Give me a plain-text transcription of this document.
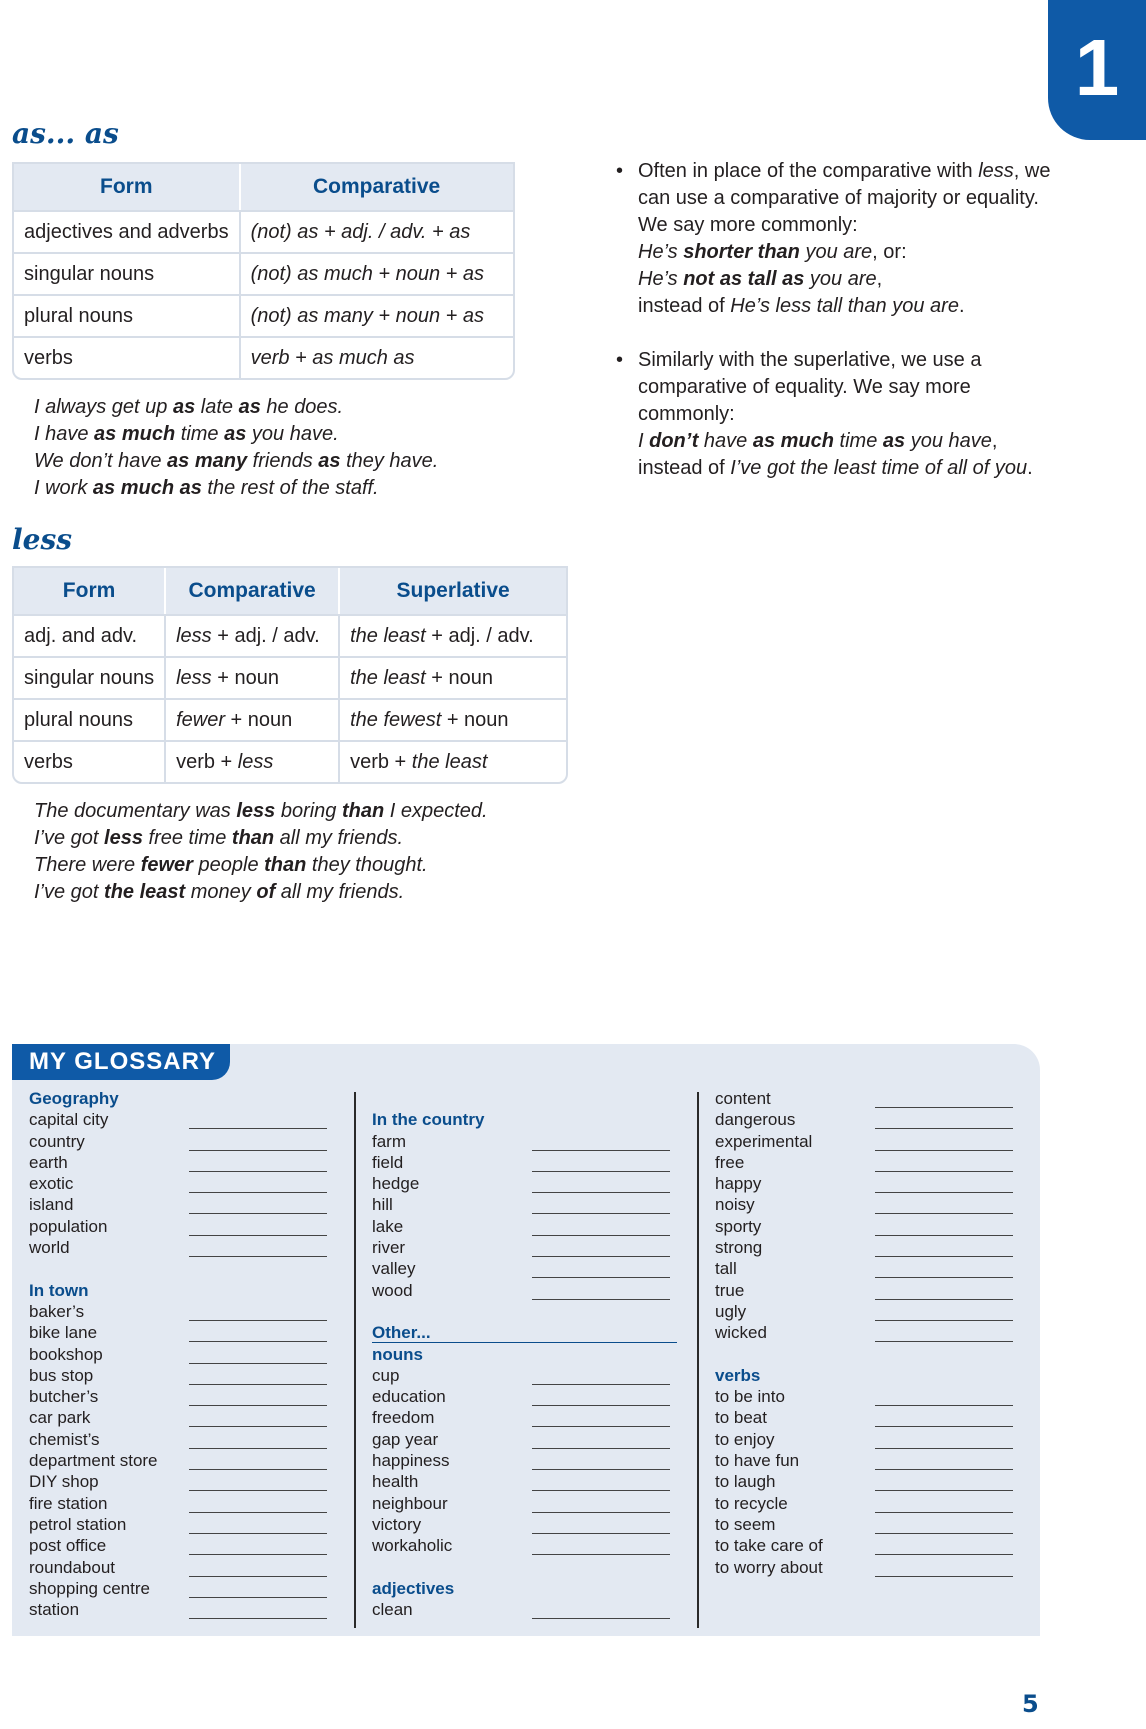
1
as... as
Form	Comparative
adjectives and adverbs	(not) as + adj. / adv. + as
singular nouns	(not) as much + noun + as
plural nouns	(not) as many + noun + as
verbs	verb + as much as
I always get up as late as he does.
I have as much time as you have.
We don’t have as many friends as they have.
I work as much as the rest of the staff.
less
Form	Comparative	Superlative
adj. and adv.	less + adj. / adv.	the least + adj. / adv.
singular nouns	less + noun	the least + noun
plural nouns	fewer + noun	the fewest + noun
verbs	verb + less	verb + the least
The documentary was less boring than I expected.
I’ve got less free time than all my friends.
There were fewer people than they thought.
I’ve got the least money of all my friends.
• Often in place of the comparative with less, we can use a comparative of majority or equality. We say more commonly:
He’s shorter than you are, or:
He’s not as tall as you are,
instead of He’s less tall than you are.
• Similarly with the superlative, we use a comparative of equality. We say more commonly:
I don’t have as much time as you have,
instead of I’ve got the least time of all of you.
MY GLOSSARY
Geography
capital city
country
earth
exotic
island
population
world
In town
baker’s
bike lane
bookshop
bus stop
butcher’s
car park
chemist’s
department store
DIY shop
fire station
petrol station
post office
roundabout
shopping centre
station
In the country
farm
field
hedge
hill
lake
river
valley
wood
Other...
nouns
cup
education
freedom
gap year
happiness
health
neighbour
victory
workaholic
adjectives
clean
content
dangerous
experimental
free
happy
noisy
sporty
strong
tall
true
ugly
wicked
verbs
to be into
to beat
to enjoy
to have fun
to laugh
to recycle
to seem
to take care of
to worry about
5
